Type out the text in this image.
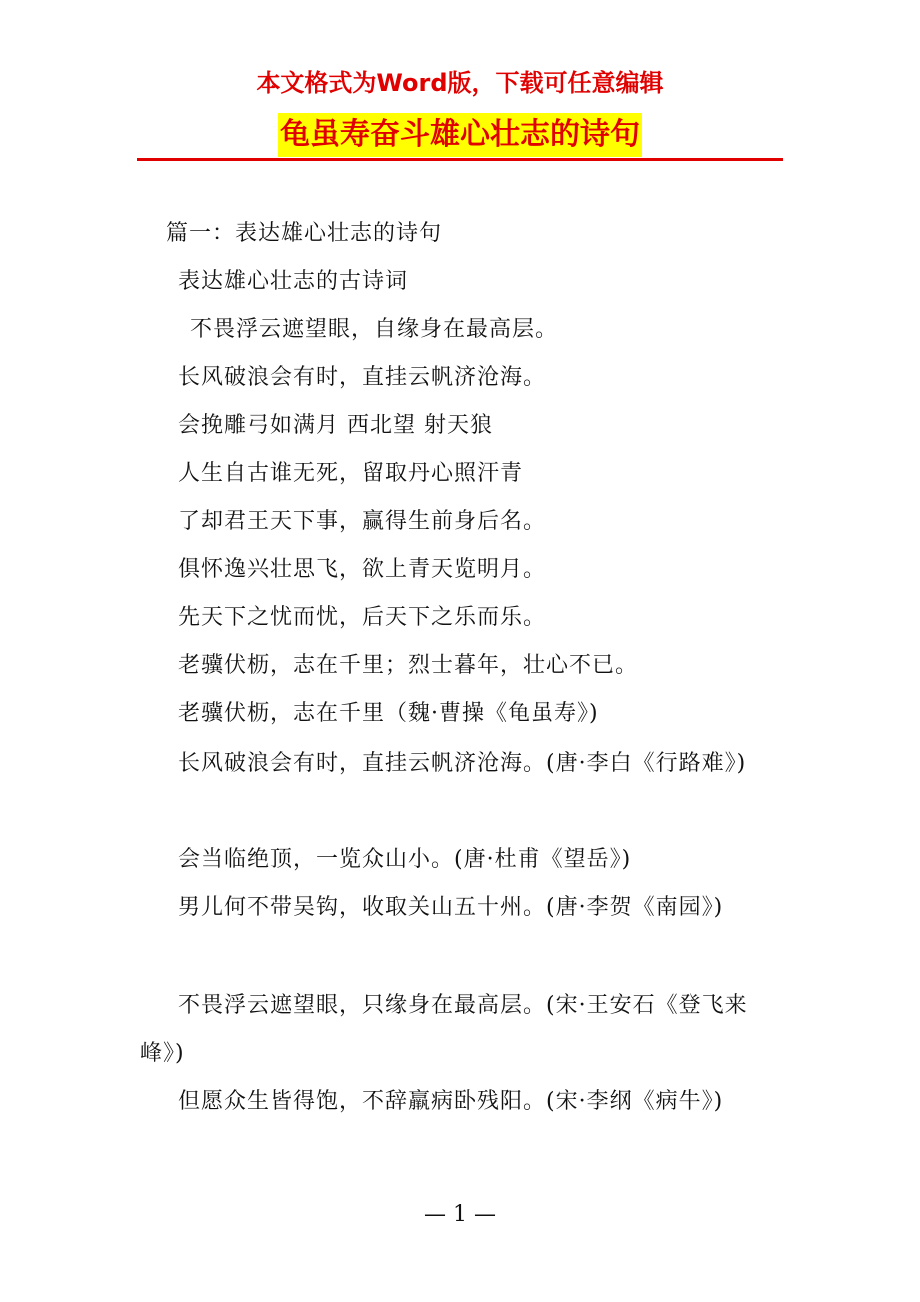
本文格式为Word版，下载可任意编辑
龟虽寿奋斗雄心壮志的诗句
篇一：表达雄心壮志的诗句
表达雄心壮志的古诗词
不畏浮云遮望眼，自缘身在最高层。
长风破浪会有时，直挂云帆济沧海。
会挽雕弓如满月 西北望 射天狼
人生自古谁无死，留取丹心照汗青
了却君王天下事，赢得生前身后名。
俱怀逸兴壮思飞，欲上青天览明月。
先天下之忧而忧，后天下之乐而乐。
老骥伏枥，志在千里；烈士暮年，壮心不已。
老骥伏枥，志在千里（魏·曹操《龟虽寿》)
长风破浪会有时，直挂云帆济沧海。(唐·李白《行路难》)
会当临绝顶，一览众山小。(唐·杜甫《望岳》)
男儿何不带吴钩，收取关山五十州。(唐·李贺《南园》)
不畏浮云遮望眼，只缘身在最高层。(宋·王安石《登飞来峰》)
但愿众生皆得饱，不辞羸病卧残阳。(宋·李纲《病牛》)
— 1 —
